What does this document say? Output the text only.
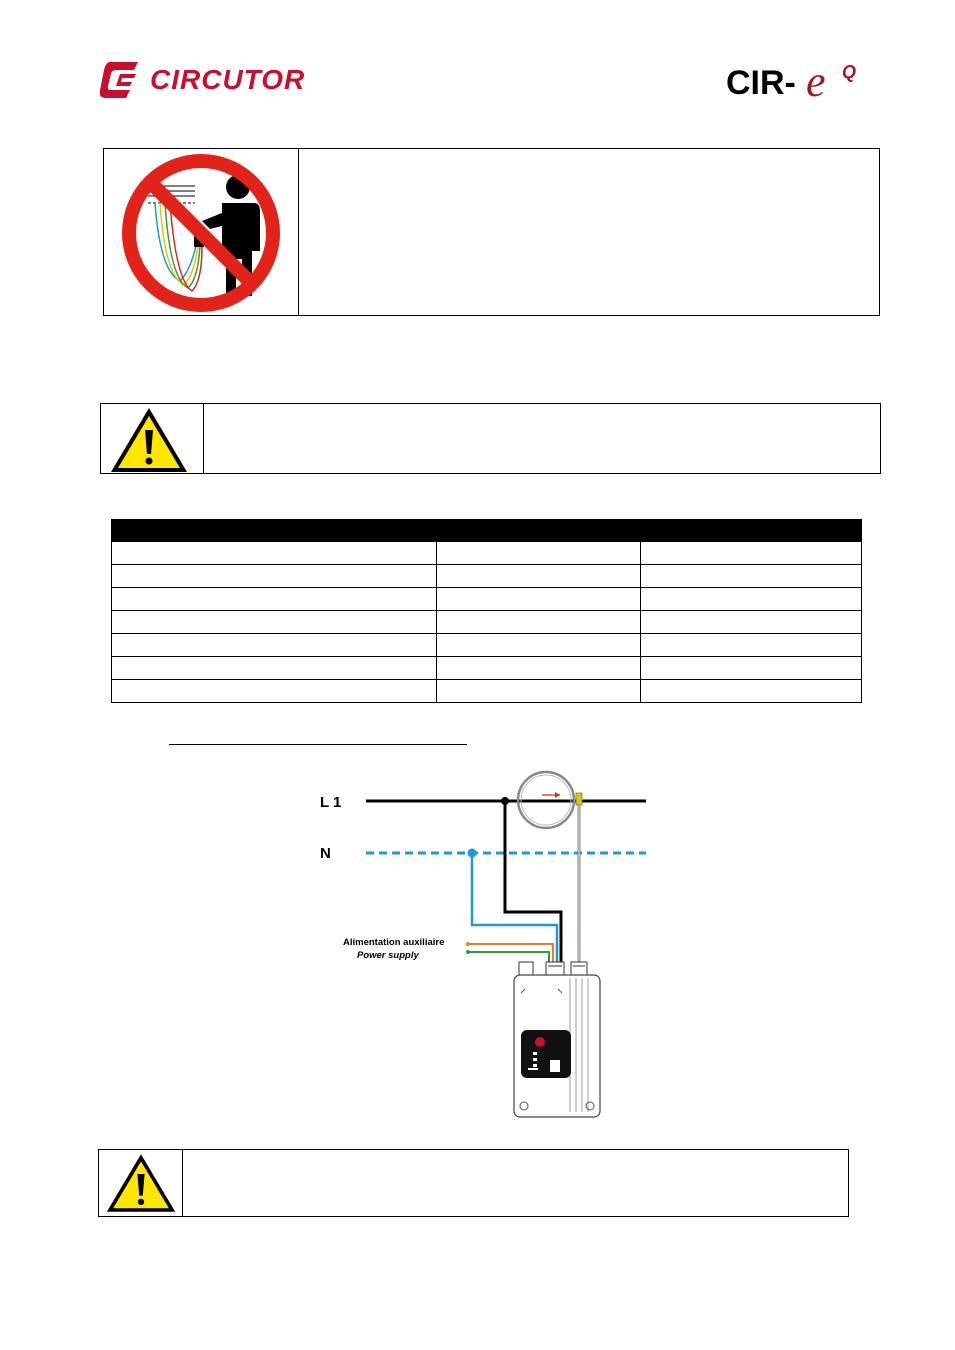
CIRCUTOR	CIR- e Q

L 1
N
Alimentation auxiliaire
Power supply
